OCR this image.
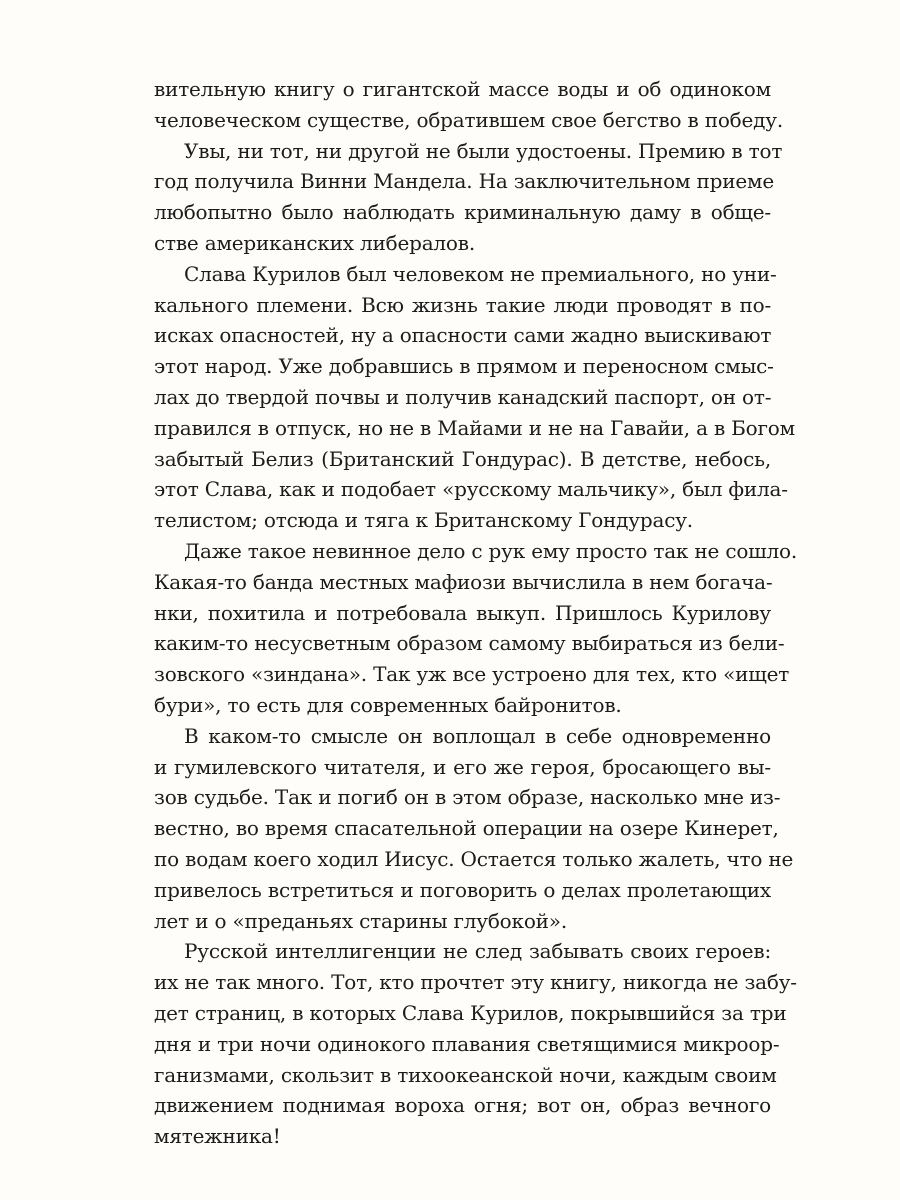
вительную книгу о гигантской массе воды и об одиноком
человеческом существе, обратившем свое бегство в победу.

Увы, ни тот, ни другой не были удостоены. Премию в тот
год получила Винни Мандела. На заключительном приеме
любопытно было наблюдать криминальную даму в обще-
стве американских либералов.

Слава Курилов был человеком не премиального, но уни-
кального племени. Всю жизнь такие люди проводят в по-
исках опасностей, ну а опасности сами жадно выискивают
этот народ. Уже добравшись в прямом и переносном смыс-
лах до твердой почвы и получив канадский паспорт, он от-
правился в отпуск, но не в Майами и не на Гавайи, а в Богом
забытый Белиз (Британский Гондурас). В детстве, небось,
этот Слава, как и подобает «русскому мальчику», был фила-
телистом; отсюда и тяга к Британскому Гондурасу.

Даже такое невинное дело с рук ему просто так не сошло.
Какая-то банда местных мафиози вычислила в нем богача-
нки, похитила и потребовала выкуп. Пришлось Курилову
каким-то несусветным образом самому выбираться из бели-
зовского «зиндана». Так уж все устроено для тех, кто «ищет
бури», то есть для современных байронитов.

В каком-то смысле он воплощал в себе одновременно
и гумилевского читателя, и его же героя, бросающего вы-
зов судьбе. Так и погиб он в этом образе, насколько мне из-
вестно, во время спасательной операции на озере Кинерет,
по водам коего ходил Иисус. Остается только жалеть, что не
привелось встретиться и поговорить о делах пролетающих
лет и о «преданьях старины глубокой».

Русской интеллигенции не след забывать своих героев:
их не так много. Тот, кто прочтет эту книгу, никогда не забу-
дет страниц, в которых Слава Курилов, покрывшийся за три
дня и три ночи одинокого плавания светящимися микроор-
ганизмами, скользит в тихоокеанской ночи, каждым своим
движением поднимая вороха огня; вот он, образ вечного
мятежника!
